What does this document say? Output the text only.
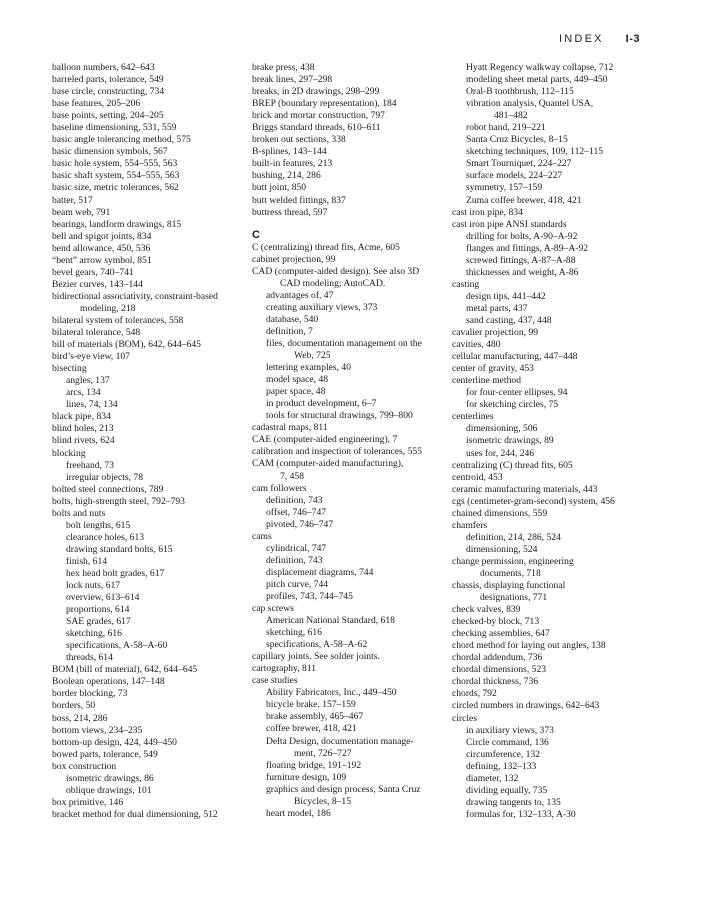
INDEX I-3
balloon numbers, 642–643
barreled parts, tolerance, 549
base circle, constructing, 734
base features, 205–206
base points, setting, 204–205
baseline dimensioning, 531, 559
basic angle tolerancing method, 575
basic dimension symbols, 567
basic hole system, 554–555, 563
basic shaft system, 554–555, 563
basic size, metric tolerances, 562
batter, 517
beam web, 791
bearings, landform drawings, 815
bell and spigot joints, 834
bend allowance, 450, 536
“bent” arrow symbol, 851
bevel gears, 740–741
Bezier curves, 143–144
bidirectional associativity, constraint-based
modeling, 218
bilateral system of tolerances, 558
bilateral tolerance, 548
bill of materials (BOM), 642, 644–645
bird’s-eye view, 107
bisecting
angles, 137
arcs, 134
lines, 74, 134
black pipe, 834
blind holes, 213
blind rivets, 624
blocking
freehand, 73
irregular objects, 78
bolted steel connections, 789
bolts, high-strength steel, 792–793
bolts and nuts
bolt lengths, 615
clearance holes, 613
drawing standard bolts, 615
finish, 614
hex head bolt grades, 617
lock nuts, 617
overview, 613–614
proportions, 614
SAE grades, 617
sketching, 616
specifications, A-58–A-60
threads, 614
BOM (bill of material), 642, 644–645
Boolean operations, 147–148
border blocking, 73
borders, 50
boss, 214, 286
bottom views, 234–235
bottom-up design, 424, 449–450
bowed parts, tolerance, 549
box construction
isometric drawings, 86
oblique drawings, 101
box primitive, 146
bracket method for dual dimensioning, 512
brake press, 438
break lines, 297–298
breaks, in 2D drawings, 298–299
BREP (boundary representation), 184
brick and mortar construction, 797
Briggs standard threads, 610–611
broken out sections, 338
B-splines, 143–144
built-in features, 213
bushing, 214, 286
butt joint, 850
butt welded fittings, 837
buttress thread, 597
C
C (centralizing) thread fits, Acme, 605
cabinet projection, 99
CAD (computer-aided design). See also 3D
CAD modeling; AutoCAD.
advantages of, 47
creating auxiliary views, 373
database, 540
definition, 7
files, documentation management on the
Web, 725
lettering examples, 40
model space, 48
paper space, 48
in product development, 6–7
tools for structural drawings, 799–800
cadastral maps, 811
CAE (computer-aided engineering), 7
calibration and inspection of tolerances, 555
CAM (computer-aided manufacturing),
7, 458
cam followers
definition, 743
offset, 746–747
pivoted, 746–747
cams
cylindrical, 747
definition, 743
displacement diagrams, 744
pitch curve, 744
profiles, 743, 744–745
cap screws
American National Standard, 618
sketching, 616
specifications, A-58–A-62
capillary joints. See solder joints.
cartography, 811
case studies
Ability Fabricators, Inc., 449–450
bicycle brake, 157–159
brake assembly, 465–467
coffee brewer, 418, 421
Delta Design, documentation manage-
ment, 726–727
floating bridge, 191–192
furniture design, 109
graphics and design process, Santa Cruz
Bicycles, 8–15
heart model, 186
Hyatt Regency walkway collapse, 712
modeling sheet metal parts, 449–450
Oral-B toothbrush, 112–115
vibration analysis, Quantel USA,
481–482
robot hand, 219–221
Santa Cruz Bicycles, 8–15
sketching techniques, 109, 112–115
Smart Tourniquet, 224–227
surface models, 224–227
symmetry, 157–159
Zuma coffee brewer, 418, 421
cast iron pipe, 834
cast iron pipe ANSI standards
drilling for bolts, A-90–A-92
flanges and fittings, A-89–A-92
screwed fittings, A-87–A-88
thicknesses and weight, A-86
casting
design tips, 441–442
metal parts, 437
sand casting, 437, 448
cavalier projection, 99
cavities, 480
cellular manufacturing, 447–448
center of gravity, 453
centerline method
for four-center ellipses, 94
for sketching circles, 75
centerlines
dimensioning, 506
isometric drawings, 89
uses for, 244, 246
centralizing (C) thread fits, 605
centroid, 453
ceramic manufacturing materials, 443
cgs (centimeter-gram-second) system, 456
chained dimensions, 559
chamfers
definition, 214, 286, 524
dimensioning, 524
change permission, engineering
documents, 718
chassis, displaying functional
designations, 771
check valves, 839
checked-by block, 713
checking assemblies, 647
chord method for laying out angles, 138
chordal addendum, 736
chordal dimensions, 523
chordal thickness, 736
chords, 792
circled numbers in drawings, 642–643
circles
in auxiliary views, 373
Circle command, 136
circumference, 132
defining, 132–133
diameter, 132
dividing equally, 735
drawing tangents to, 135
formulas for, 132–133, A-30
